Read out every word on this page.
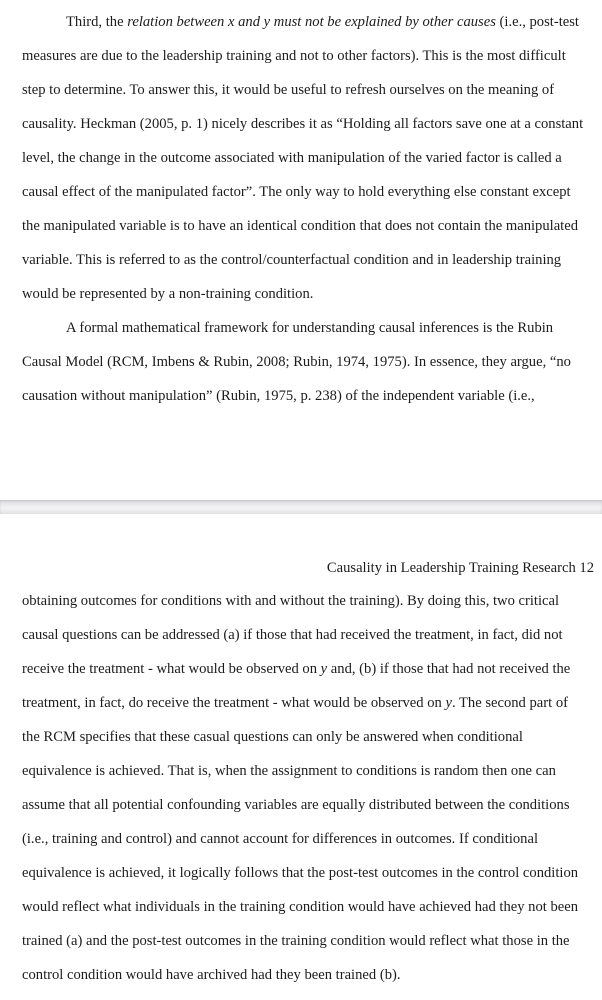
Third, the relation between x and y must not be explained by other causes (i.e., post-test
measures are due to the leadership training and not to other factors). This is the most difficult
step to determine. To answer this, it would be useful to refresh ourselves on the meaning of
causality. Heckman (2005, p. 1) nicely describes it as “Holding all factors save one at a constant
level, the change in the outcome associated with manipulation of the varied factor is called a
causal effect of the manipulated factor”. The only way to hold everything else constant except
the manipulated variable is to have an identical condition that does not contain the manipulated
variable. This is referred to as the control/counterfactual condition and in leadership training
would be represented by a non-training condition.
A formal mathematical framework for understanding causal inferences is the Rubin
Causal Model (RCM, Imbens & Rubin, 2008; Rubin, 1974, 1975). In essence, they argue, “no
causation without manipulation” (Rubin, 1975, p. 238) of the independent variable (i.e.,
Causality in Leadership Training Research 12
obtaining outcomes for conditions with and without the training). By doing this, two critical
causal questions can be addressed (a) if those that had received the treatment, in fact, did not
receive the treatment - what would be observed on y and, (b) if those that had not received the
treatment, in fact, do receive the treatment - what would be observed on y. The second part of
the RCM specifies that these casual questions can only be answered when conditional
equivalence is achieved. That is, when the assignment to conditions is random then one can
assume that all potential confounding variables are equally distributed between the conditions
(i.e., training and control) and cannot account for differences in outcomes. If conditional
equivalence is achieved, it logically follows that the post-test outcomes in the control condition
would reflect what individuals in the training condition would have achieved had they not been
trained (a) and the post-test outcomes in the training condition would reflect what those in the
control condition would have archived had they been trained (b).
